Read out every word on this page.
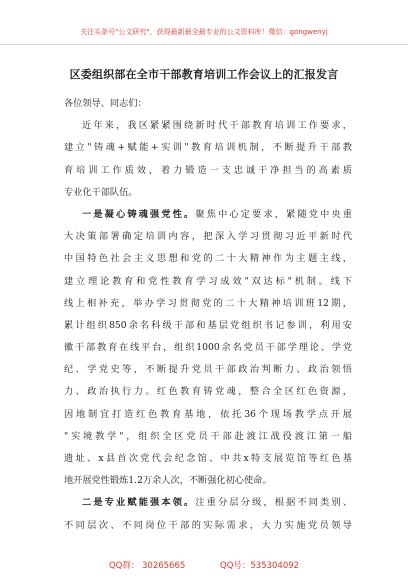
关注头条号"公文研究"，获得最新最全最专业的公文资料库！微信：gongwenyj
区委组织部在全市干部教育培训工作会议上的汇报发言
各位领导、同志们：
近年来，我区紧紧围绕新时代干部教育培训工作要求，
建立"铸魂+赋能+实训"教育培训机制，不断提升干部教
育培训工作质效，着力锻造一支忠诚干净担当的高素质
专业化干部队伍。
一是凝心铸魂强党性。聚焦中心定要求，紧随党中央重
大决策部署确定培训内容，把深入学习贯彻习近平新时代
中国特色社会主义思想和党的二十大精神作为主题主线，
建立理论教育和党性教育学习成效"双达标"机制。线下
线上相补充，举办学习贯彻党的二十大精神培训班12期，
累计组织850余名科级干部和基层党组织书记参训，利用安
徽干部教育在线平台，组织1000余名党员干部学理论、学党
纪、学党史等，不断提升党员干部政治判断力、政治领悟
力、政治执行力。红色教育铸党魂，整合全区红色资源，
因地制宜打造红色教育基地，依托36个现场教学点开展
"实境教学"，组织全区党员干部赴渡江战役渡江第一船
遗址、x县首次党代会纪念馆、中共x特支展览馆等红色基
地开展党性锻炼1.2万余人次，不断强化初心使命。
二是专业赋能强本领。注重分层分级，根据不同类别、
不同层次、不同岗位干部的实际需求，大力实施党员领导
QQ群： 30265665	QQ号：535304092
